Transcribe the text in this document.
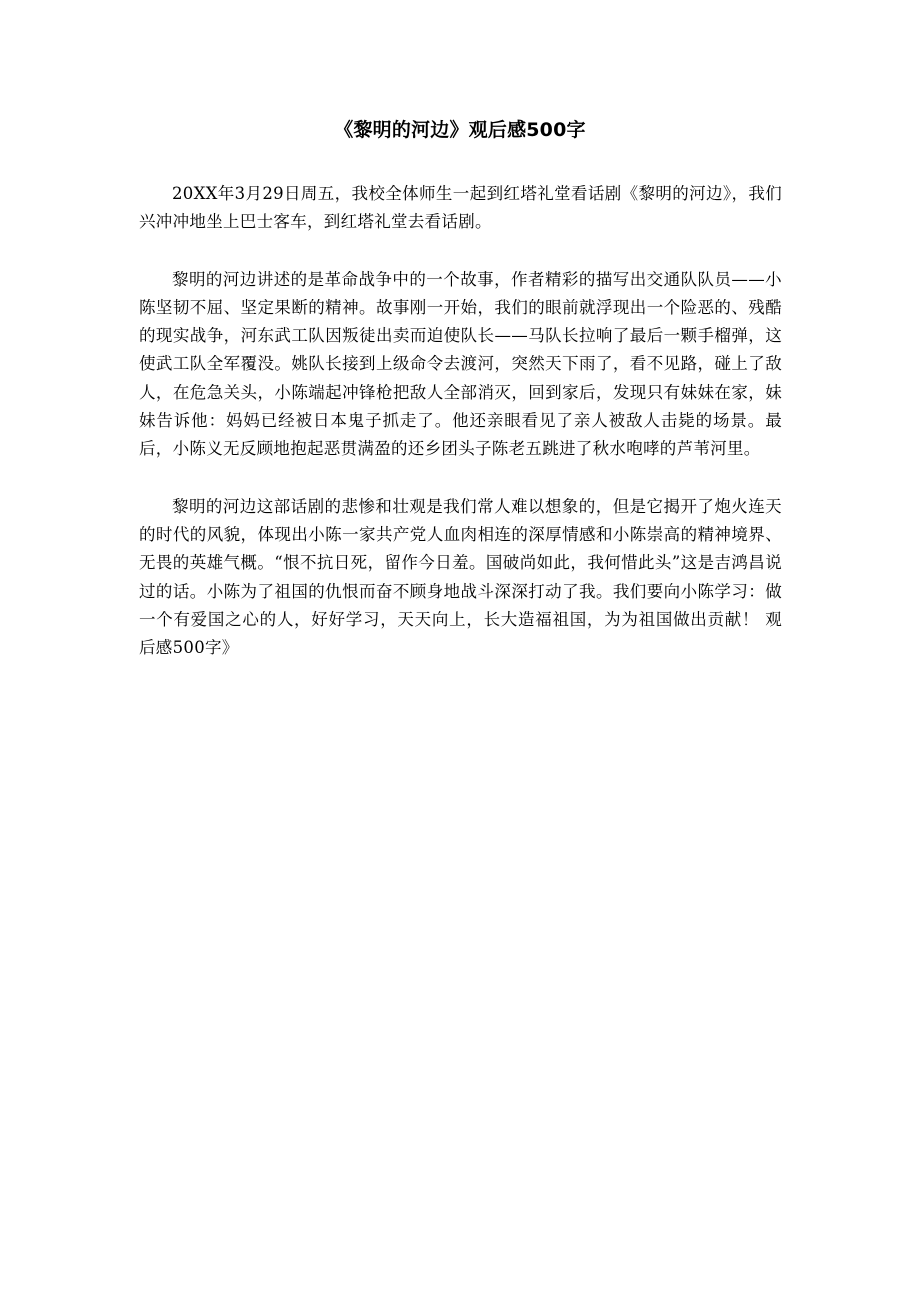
《黎明的河边》观后感500字

20XX年3月29日周五，我校全体师生一起到红塔礼堂看话剧《黎明的河边》，我们兴冲冲地坐上巴士客车，到红塔礼堂去看话剧。

黎明的河边讲述的是革命战争中的一个故事，作者精彩的描写出交通队队员——小陈坚韧不屈、坚定果断的精神。故事刚一开始，我们的眼前就浮现出一个险恶的、残酷的现实战争，河东武工队因叛徒出卖而迫使队长——马队长拉响了最后一颗手榴弹，这使武工队全军覆没。姚队长接到上级命令去渡河，突然天下雨了，看不见路，碰上了敌人，在危急关头，小陈端起冲锋枪把敌人全部消灭，回到家后，发现只有妹妹在家，妹妹告诉他：妈妈已经被日本鬼子抓走了。他还亲眼看见了亲人被敌人击毙的场景。最后，小陈义无反顾地抱起恶贯满盈的还乡团头子陈老五跳进了秋水咆哮的芦苇河里。

黎明的河边这部话剧的悲惨和壮观是我们常人难以想象的，但是它揭开了炮火连天的时代的风貌，体现出小陈一家共产党人血肉相连的深厚情感和小陈崇高的精神境界、无畏的英雄气概。“恨不抗日死，留作今日羞。国破尚如此，我何惜此头”这是吉鸿昌说过的话。小陈为了祖国的仇恨而奋不顾身地战斗深深打动了我。我们要向小陈学习：做一个有爱国之心的人，好好学习，天天向上，长大造福祖国，为为祖国做出贡献！ 观后感500字》
